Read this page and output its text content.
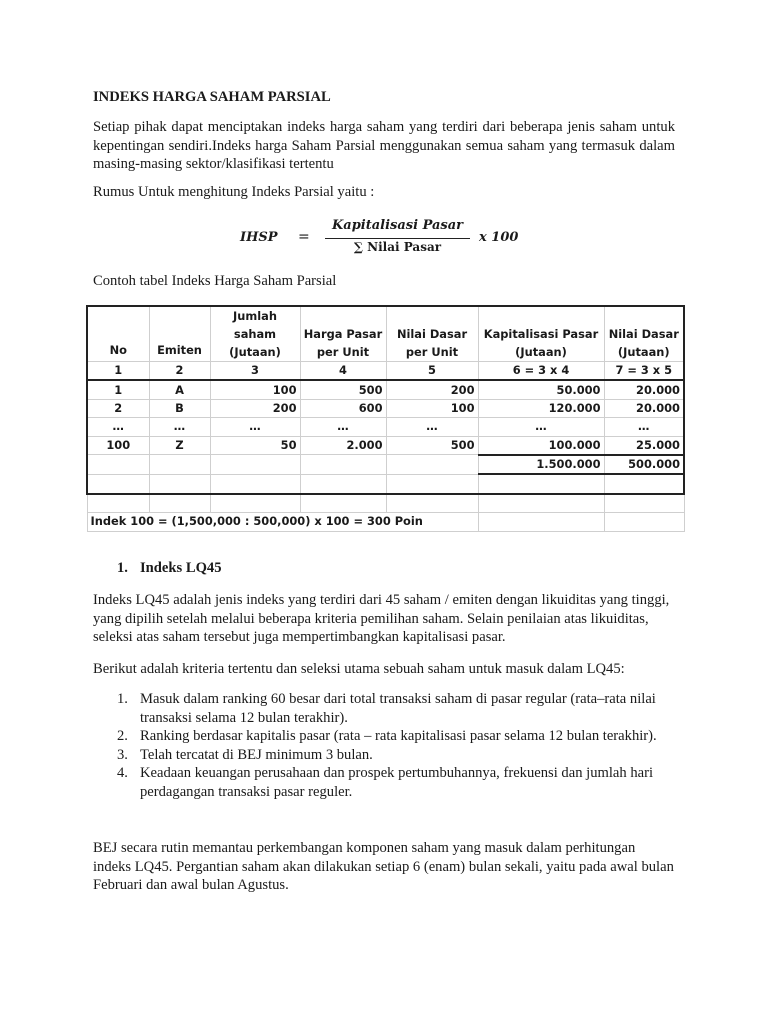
INDEKS HARGA SAHAM PARSIAL

Setiap pihak dapat menciptakan indeks harga saham yang terdiri dari beberapa jenis saham untuk kepentingan sendiri.Indeks harga Saham Parsial menggunakan semua saham yang termasuk dalam masing-masing sektor/klasifikasi tertentu

Rumus Untuk menghitung Indeks Parsial yaitu :

IHSP =
Kapitalisasi Pasar
∑ Nilai Pasar
x 100

Contoh tabel Indeks Harga Saham Parsial

No	Emiten	Jumlah saham (Jutaan)	Harga Pasar per Unit	Nilai Dasar per Unit	Kapitalisasi Pasar (Jutaan)	Nilai Dasar (Jutaan)
1	2	3	4	5	6 = 3 x 4	7 = 3 x 5
1	A	100	500	200	50.000	20.000
2	B	200	600	100	120.000	20.000
…	…	…	…	…	…	…
100	Z	50	2.000	500	100.000	25.000
					1.500.000	500.000

Indek 100 = (1,500,000 : 500,000) x 100 = 300 Poin						

1. Indeks LQ45

Indeks LQ45 adalah jenis indeks yang terdiri dari 45 saham / emiten dengan likuiditas yang tinggi, yang dipilih setelah melalui beberapa kriteria pemilihan saham. Selain penilaian atas likuiditas, seleksi atas saham tersebut juga mempertimbangkan kapitalisasi pasar.

Berikut adalah kriteria tertentu dan seleksi utama sebuah saham untuk masuk dalam LQ45:

1. Masuk dalam ranking 60 besar dari total transaksi saham di pasar regular (rata–rata nilai transaksi selama 12 bulan terakhir).
2. Ranking berdasar kapitalis pasar (rata – rata kapitalisasi pasar selama 12 bulan terakhir).
3. Telah tercatat di BEJ minimum 3 bulan.
4. Keadaan keuangan perusahaan dan prospek pertumbuhannya, frekuensi dan jumlah hari perdagangan transaksi pasar reguler.

BEJ secara rutin memantau perkembangan komponen saham yang masuk dalam perhitungan indeks LQ45. Pergantian saham akan dilakukan setiap 6 (enam) bulan sekali, yaitu pada awal bulan Februari dan awal bulan Agustus.
